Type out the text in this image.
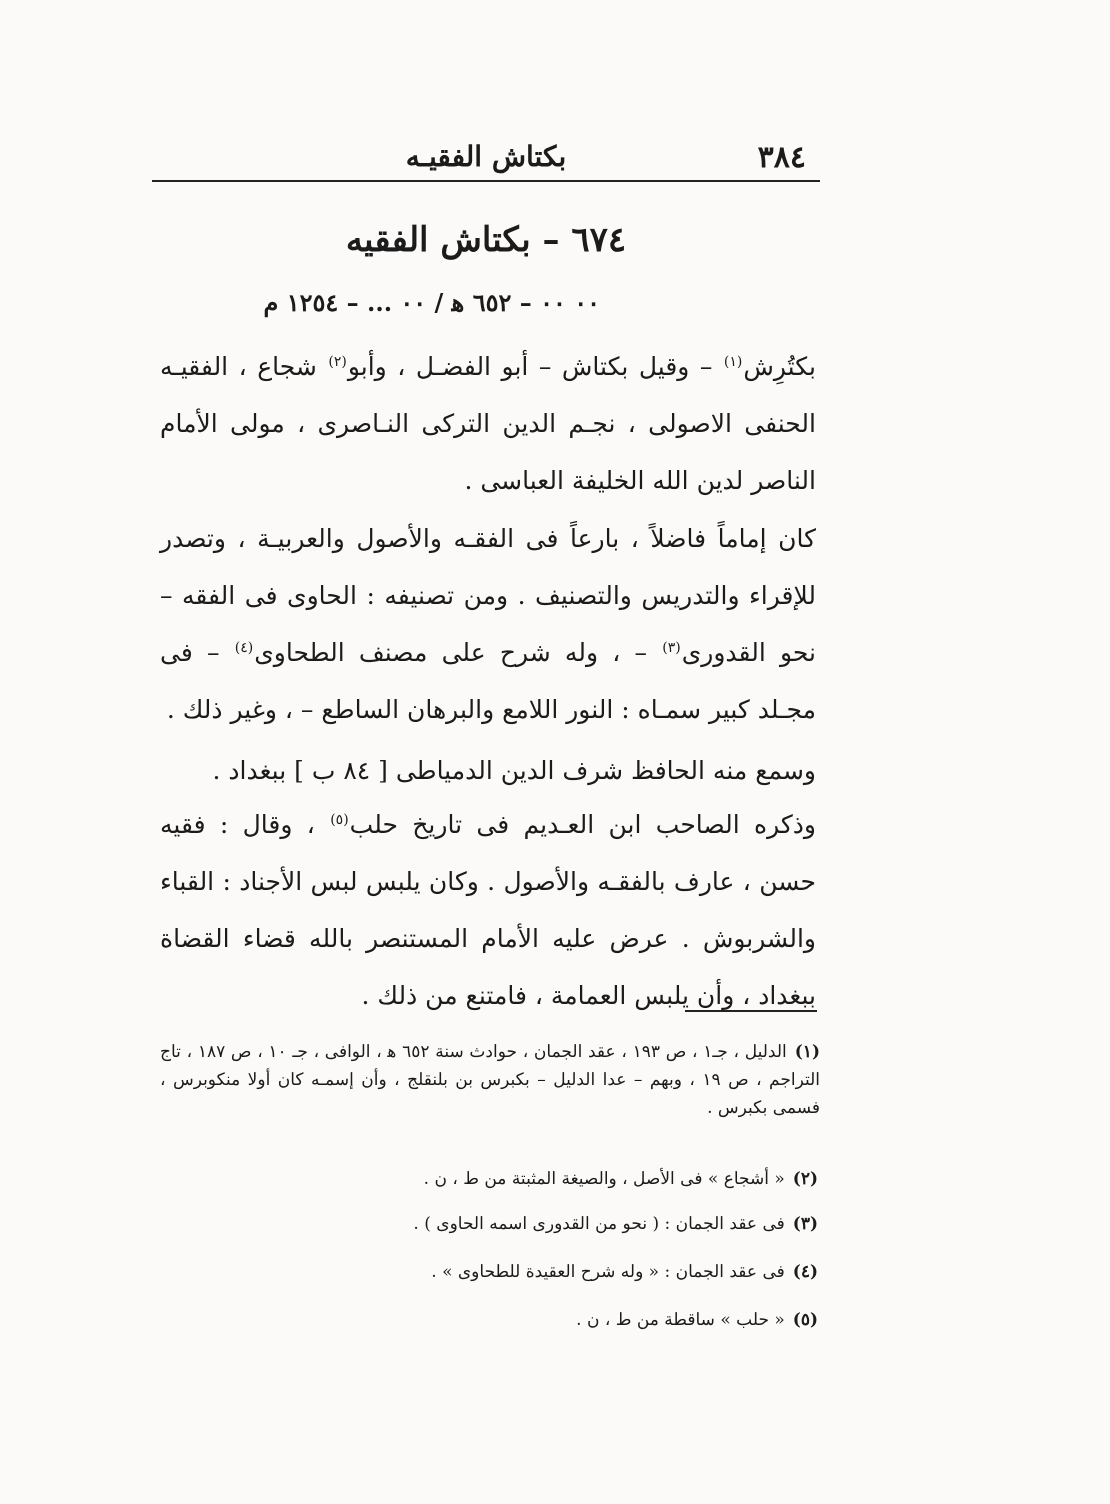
٣٨٤
بكتاش الفقيـه
٦٧٤ – بكتاش الفقيه
٠٠ ٠٠ – ٦٥٢ ﻫ / ٠٠ ... – ١٢٥٤ م
بكتُرِش$^{(١)}$ – وقيل بكتاش – أبو الفضـل ، وأبو$^{(٢)}$ شجاع ، الفقيـه الحنفى الاصولى ، نجـم الدين التركى النـاصرى ، مولى الأمام الناصر لدين الله الخليفة العباسى .
كان إماماً فاضلاً ، بارعاً فى الفقـه والأصول والعربيـة ، وتصدر للإقراء والتدريس والتصنيف . ومن تصنيفه : الحاوى فى الفقه – نحو القدورى$^{(٣)}$ – ، وله شرح على مصنف الطحاوى$^{(٤)}$ – فى مجـلد كبير سمـاه : النور اللامع والبرهان الساطع – ، وغير ذلك .
وسمع منه الحافظ شرف الدين الدمياطى [ ٨٤ ب ] ببغداد .
وذكره الصاحب ابن العـديم فى تاريخ حلب$^{(٥)}$ ، وقال : فقيه حسن ، عارف بالفقـه والأصول . وكان يلبس لبس الأجناد : القباء والشربوش . عرض عليه الأمام المستنصر بالله قضاء القضاة ببغداد ، وأن يلبس العمامة ، فامتنع من ذلك .
(١)الدليل ، جـ١ ، ص ١٩٣ ، عقد الجمان ، حوادث سنة ٦٥٢ ﻫ ، الوافى ، جـ ١٠ ، ص ١٨٧ ، تاج التراجم ، ص ١٩ ، وبهم – عدا الدليل – بكبرس بن بلنقلج ، وأن إسمـه كان أولا منكوبرس ، فسمى بكبرس .
(٢)« أشجاع » فى الأصل ، والصيغة المثبتة من ط ، ن .
(٣)فى عقد الجمان : ( نحو من القدورى اسمه الحاوى ) .
(٤)فى عقد الجمان : « وله شرح العقيدة للطحاوى » .
(٥)« حلب » ساقطة من ط ، ن .
